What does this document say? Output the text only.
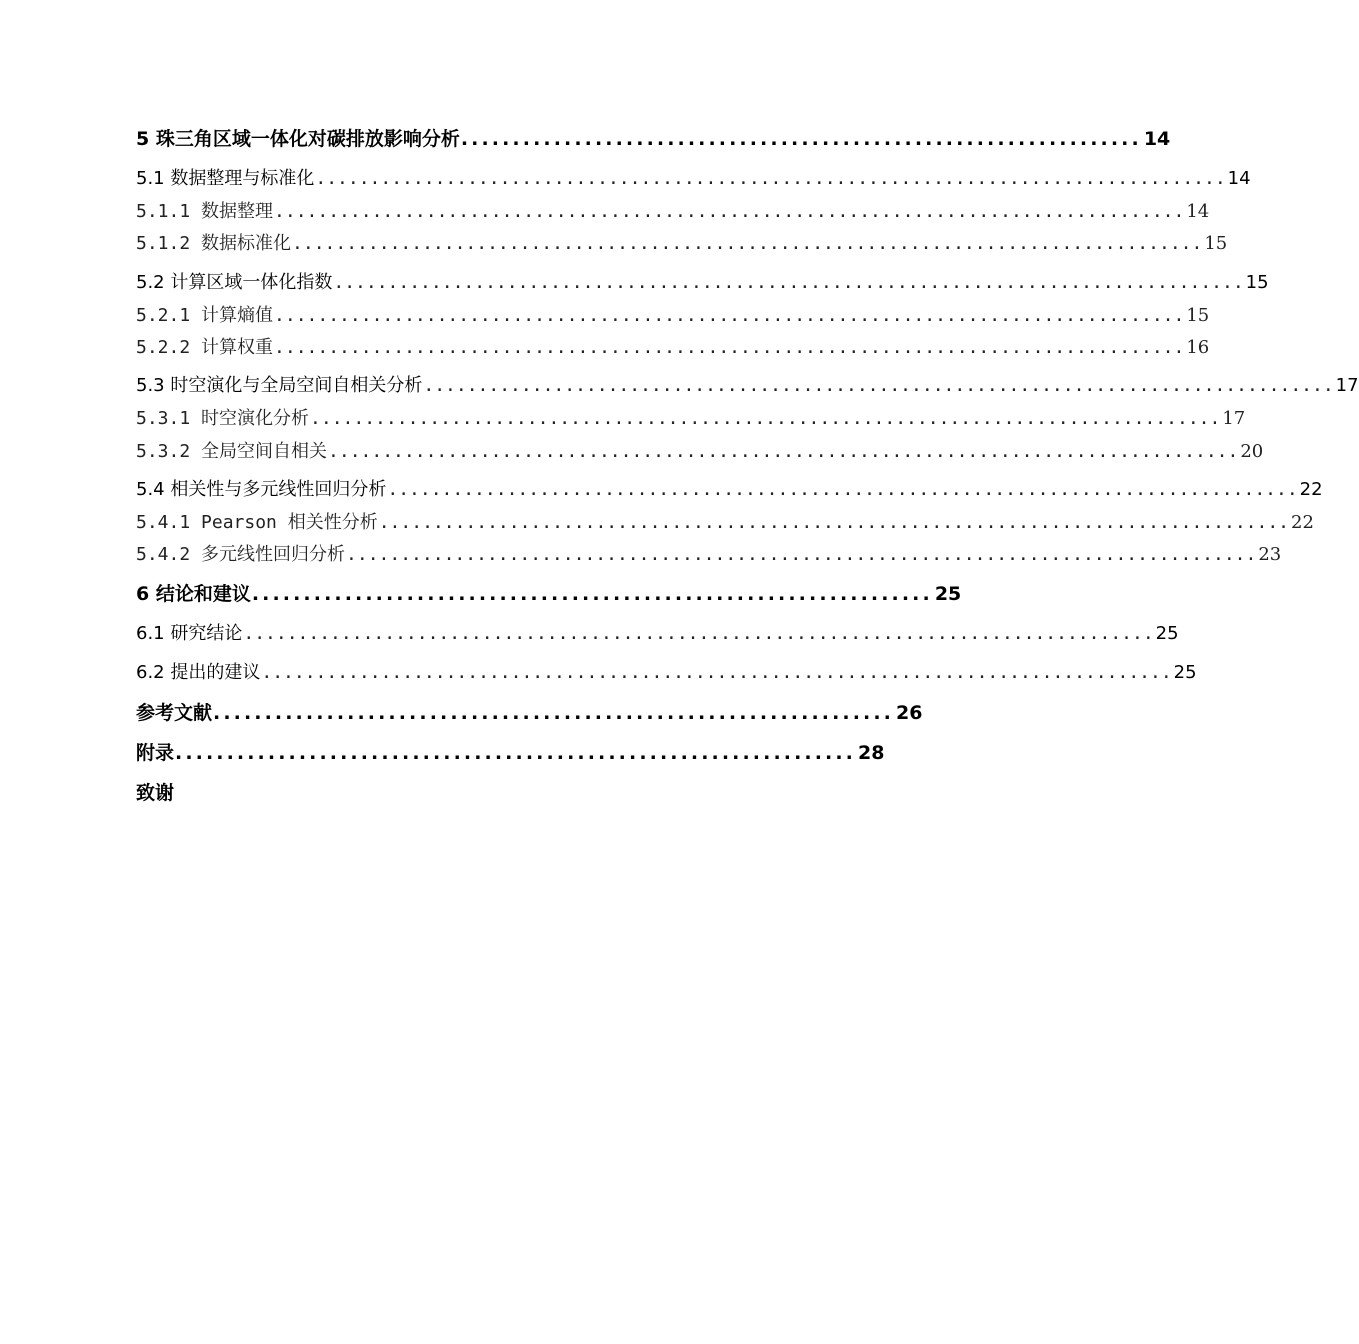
5 珠三角区域一体化对碳排放影响分析 .................................................................. 14
5.1 数据整理与标准化 .................................................................................... 14
5.1.1 数据整理 .................................................................................... 14
5.1.2 数据标准化 .................................................................................... 15
5.2 计算区域一体化指数 .................................................................................... 15
5.2.1 计算熵值 .................................................................................... 15
5.2.2 计算权重 .................................................................................... 16
5.3 时空演化与全局空间自相关分析 .................................................................................... 17
5.3.1 时空演化分析 .................................................................................... 17
5.3.2 全局空间自相关 .................................................................................... 20
5.4 相关性与多元线性回归分析 .................................................................................... 22
5.4.1 Pearson 相关性分析 .................................................................................... 22
5.4.2 多元线性回归分析 .................................................................................... 23
6 结论和建议 .................................................................. 25
6.1 研究结论 .................................................................................... 25
6.2 提出的建议 .................................................................................... 25
参考文献 .................................................................. 26
附录 .................................................................. 28
致谢
